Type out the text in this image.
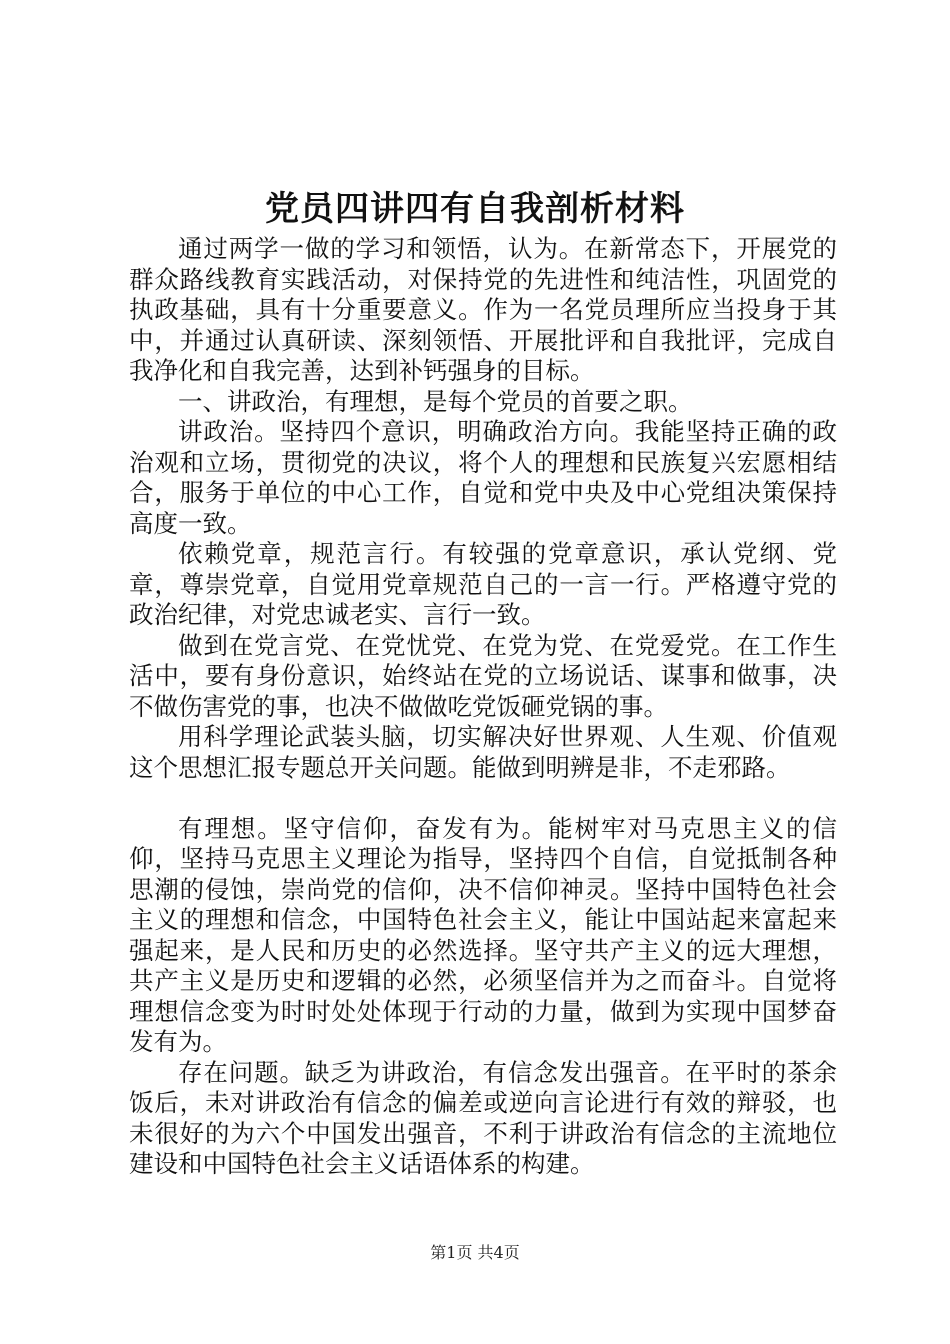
党员四讲四有自我剖析材料

通过两学一做的学习和领悟，认为。在新常态下，开展党的群众路线教育实践活动，对保持党的先进性和纯洁性，巩固党的执政基础，具有十分重要意义。作为一名党员理所应当投身于其中，并通过认真研读、深刻领悟、开展批评和自我批评，完成自我净化和自我完善，达到补钙强身的目标。

一、讲政治，有理想，是每个党员的首要之职。

讲政治。坚持四个意识，明确政治方向。我能坚持正确的政治观和立场，贯彻党的决议，将个人的理想和民族复兴宏愿相结合，服务于单位的中心工作，自觉和党中央及中心党组决策保持高度一致。

依赖党章，规范言行。有较强的党章意识，承认党纲、党章，尊崇党章，自觉用党章规范自己的一言一行。严格遵守党的政治纪律，对党忠诚老实、言行一致。

做到在党言党、在党忧党、在党为党、在党爱党。在工作生活中，要有身份意识，始终站在党的立场说话、谋事和做事，决不做伤害党的事，也决不做做吃党饭砸党锅的事。

用科学理论武装头脑，切实解决好世界观、人生观、价值观这个思想汇报专题总开关问题。能做到明辨是非，不走邪路。

有理想。坚守信仰，奋发有为。能树牢对马克思主义的信仰，坚持马克思主义理论为指导，坚持四个自信，自觉抵制各种思潮的侵蚀，崇尚党的信仰，决不信仰神灵。坚持中国特色社会主义的理想和信念，中国特色社会主义，能让中国站起来富起来强起来，是人民和历史的必然选择。坚守共产主义的远大理想，共产主义是历史和逻辑的必然，必须坚信并为之而奋斗。自觉将理想信念变为时时处处体现于行动的力量，做到为实现中国梦奋发有为。

存在问题。缺乏为讲政治，有信念发出强音。在平时的茶余饭后，未对讲政治有信念的偏差或逆向言论进行有效的辩驳，也未很好的为六个中国发出强音，不利于讲政治有信念的主流地位建设和中国特色社会主义话语体系的构建。

第1页 共4页
